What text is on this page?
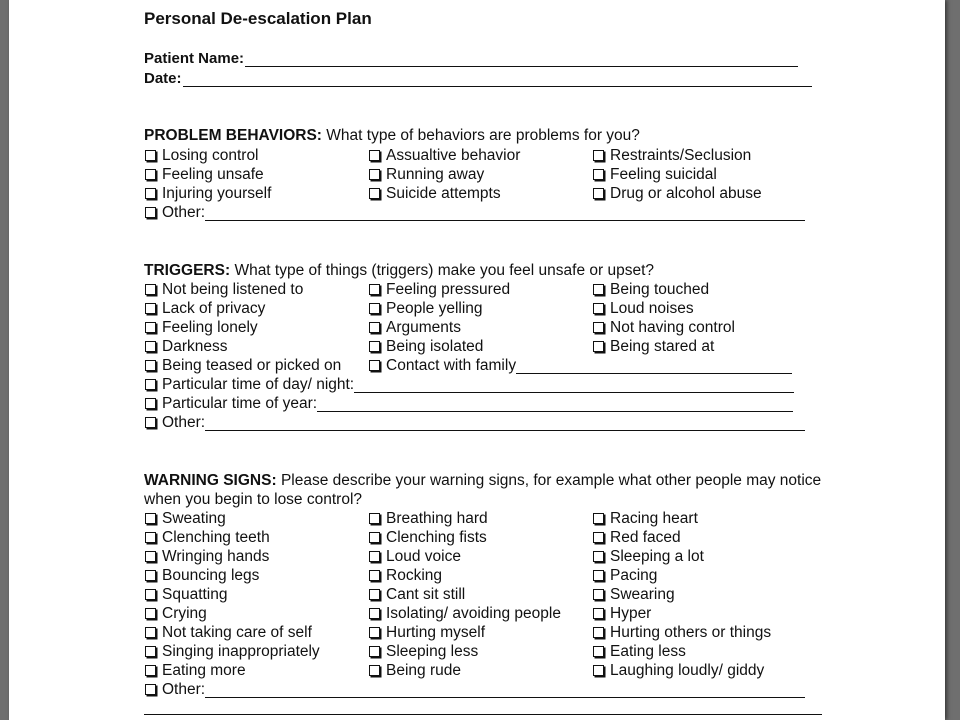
Personal De-escalation Plan
Patient Name:
Date:
PROBLEM BEHAVIORS: What type of behaviors are problems for you?
Losing control	Assualtive behavior	Restraints/Seclusion
Feeling unsafe	Running away	Feeling suicidal
Injuring yourself	Suicide attempts	Drug or alcohol abuse
Other:
TRIGGERS: What type of things (triggers) make you feel unsafe or upset?
Not being listened to	Feeling pressured	Being touched
Lack of privacy	People yelling	Loud noises
Feeling lonely	Arguments	Not having control
Darkness	Being isolated	Being stared at
Being teased or picked on	Contact with family
Particular time of day/ night:
Particular time of year:
Other:
WARNING SIGNS: Please describe your warning signs, for example what other people may notice when you begin to lose control?
Sweating	Breathing hard	Racing heart
Clenching teeth	Clenching fists	Red faced
Wringing hands	Loud voice	Sleeping a lot
Bouncing legs	Rocking	Pacing
Squatting	Cant sit still	Swearing
Crying	Isolating/ avoiding people	Hyper
Not taking care of self	Hurting myself	Hurting others or things
Singing inappropriately	Sleeping less	Eating less
Eating more	Being rude	Laughing loudly/ giddy
Other:
